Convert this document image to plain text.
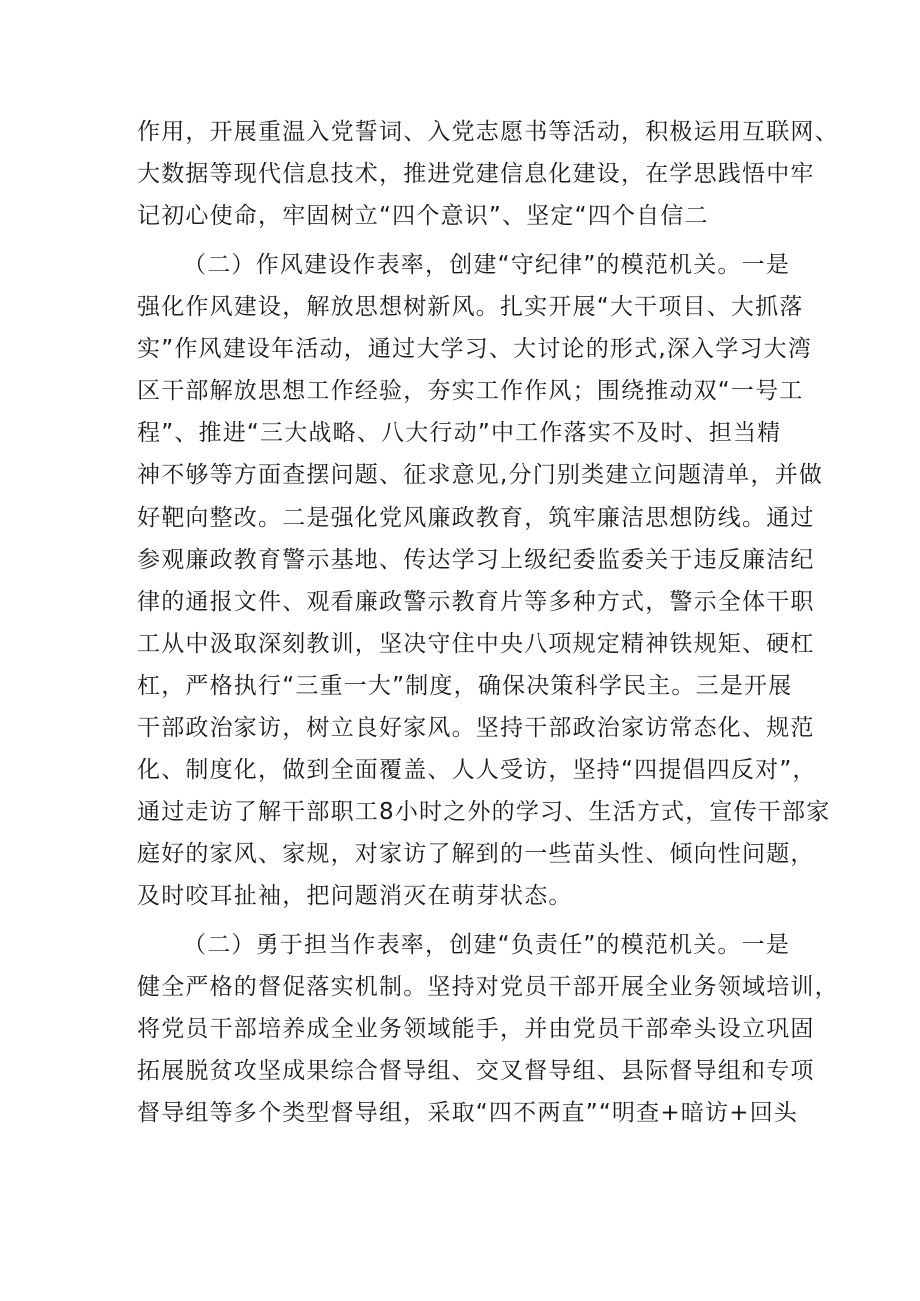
作用，开展重温入党誓词、入党志愿书等活动，积极运用互联网、
大数据等现代信息技术，推进党建信息化建设，在学思践悟中牢
记初心使命，牢固树立“四个意识”、坚定“四个自信二
（二）作风建设作表率，创建“守纪律”的模范机关。一是
强化作风建设，解放思想树新风。扎实开展“大干项目、大抓落
实”作风建设年活动，通过大学习、大讨论的形式,深入学习大湾
区干部解放思想工作经验，夯实工作作风；围绕推动双“一号工
程”、推进“三大战略、八大行动”中工作落实不及时、担当精
神不够等方面查摆问题、征求意见,分门别类建立问题清单，并做
好靶向整改。二是强化党风廉政教育，筑牢廉洁思想防线。通过
参观廉政教育警示基地、传达学习上级纪委监委关于违反廉洁纪
律的通报文件、观看廉政警示教育片等多种方式，警示全体干职
工从中汲取深刻教训，坚决守住中央八项规定精神铁规矩、硬杠
杠，严格执行“三重一大”制度，确保决策科学民主。三是开展
干部政治家访，树立良好家风。坚持干部政治家访常态化、规范
化、制度化，做到全面覆盖、人人受访，坚持“四提倡四反对”，
通过走访了解干部职工8小时之外的学习、生活方式，宣传干部家
庭好的家风、家规，对家访了解到的一些苗头性、倾向性问题，
及时咬耳扯袖，把问题消灭在萌芽状态。
（二）勇于担当作表率，创建“负责任”的模范机关。一是
健全严格的督促落实机制。坚持对党员干部开展全业务领域培训，
将党员干部培养成全业务领域能手，并由党员干部牵头设立巩固
拓展脱贫攻坚成果综合督导组、交叉督导组、县际督导组和专项
督导组等多个类型督导组，采取“四不两直”“明查+暗访+回头
